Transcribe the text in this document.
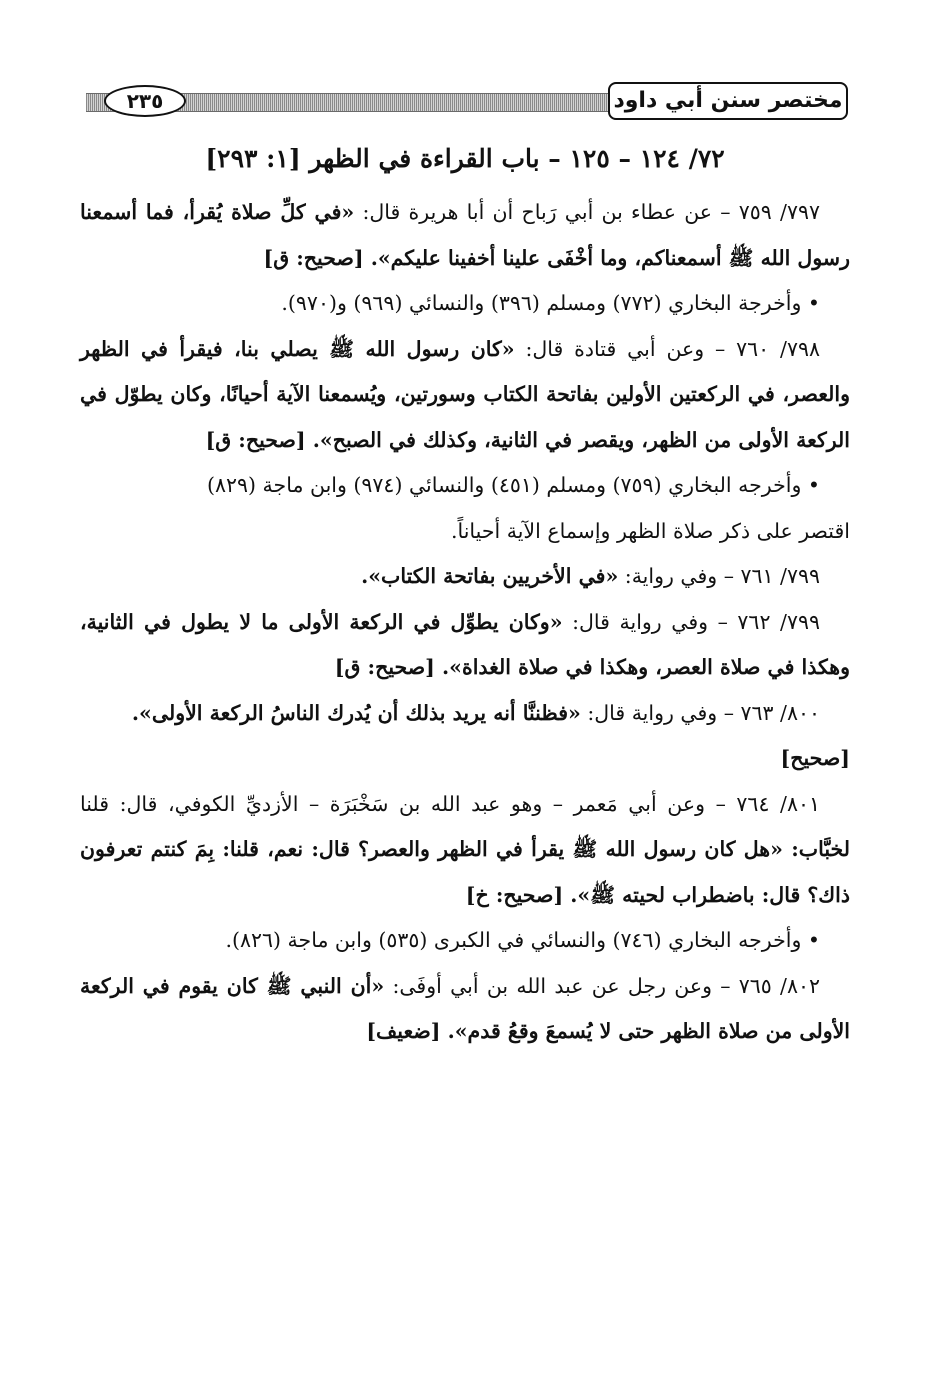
مختصر سنن أبي داود
٢٣٥
٧٢/ ١٢٤ – ١٢٥ – باب القراءة في الظهر [١: ٢٩٣]

٧٩٧/ ٧٥٩ – عن عطاء بن أبي رَباح أن أبا هريرة قال: «في كلِّ صلاة يُقرأ، فما أسمعنا رسول الله ﷺ أسمعناكم، وما أخْفَى علينا أخفينا عليكم». [صحيح: ق]

• وأخرجة البخاري (٧٧٢) ومسلم (٣٩٦) والنسائي (٩٦٩) و(٩٧٠).

٧٩٨/ ٧٦٠ – وعن أبي قتادة قال: «كان رسول الله ﷺ يصلي بنا، فيقرأ في الظهر والعصر، في الركعتين الأولين بفاتحة الكتاب وسورتين، ويُسمعنا الآية أحيانًا، وكان يطوّل في الركعة الأولى من الظهر، ويقصر في الثانية، وكذلك في الصبح». [صحيح: ق]

• وأخرجه البخاري (٧٥٩) ومسلم (٤٥١) والنسائي (٩٧٤) وابن ماجة (٨٢٩)
اقتصر على ذكر صلاة الظهر وإسماع الآية أحياناً.

٧٩٩/ ٧٦١ – وفي رواية: «في الأخريين بفاتحة الكتاب».

٧٩٩/ ٧٦٢ – وفي رواية قال: «وكان يطوِّل في الركعة الأولى ما لا يطول في الثانية، وهكذا في صلاة العصر، وهكذا في صلاة الغداة». [صحيح: ق]

٨٠٠/ ٧٦٣ – وفي رواية قال: «فظننَّا أنه يريد بذلك أن يُدرك الناسُ الركعة الأولى».
[صحيح]

٨٠١/ ٧٦٤ – وعن أبي مَعمر – وهو عبد الله بن سَخْبَرَة – الأزديِّ الكوفي، قال: قلنا لخبَّاب: «هل كان رسول الله ﷺ يقرأ في الظهر والعصر؟ قال: نعم، قلنا: بِمَ كنتم تعرفون ذاك؟ قال: باضطراب لحيته ﷺ». [صحيح: خ]

• وأخرجه البخاري (٧٤٦) والنسائي في الكبرى (٥٣٥) وابن ماجة (٨٢٦).

٨٠٢/ ٧٦٥ – وعن رجل عن عبد الله بن أبي أوفَى: «أن النبي ﷺ كان يقوم في الركعة الأولى من صلاة الظهر حتى لا يُسمعَ وقعُ قدم». [ضعيف]
